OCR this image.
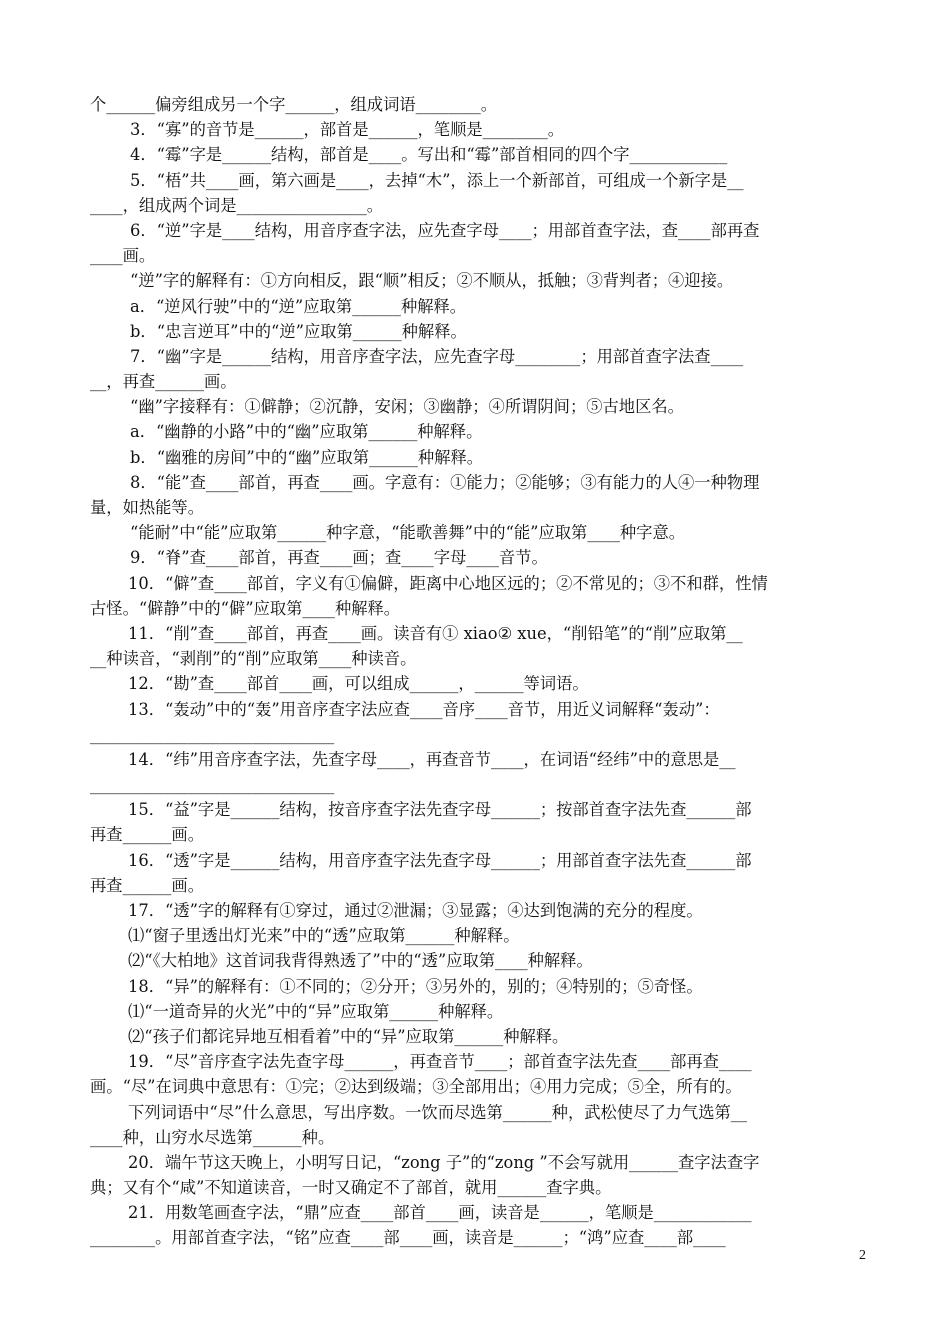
个______偏旁组成另一个字______，组成词语________。
3．“寡”的音节是______，部首是______，笔顺是________。
4．“霉”字是______结构，部首是____。写出和“霉”部首相同的四个字____________
5．“梧”共____画，第六画是____，去掉“木”，添上一个新部首，可组成一个新字是__
____，组成两个词是________________。
6．“逆”字是____结构，用音序查字法，应先查字母____；用部首查字法，查____部再查
____画。
“逆”字的解释有：①方向相反，跟“顺”相反；②不顺从，抵触；③背判者；④迎接。
a．“逆风行驶”中的“逆”应取第______种解释。
b．“忠言逆耳”中的“逆”应取第______种解释。
7．“幽”字是______结构，用音序查字法，应先查字母________；用部首查字法查____
__，再查______画。
“幽”字接释有：①僻静；②沉静，安闲；③幽静；④所谓阴间；⑤古地区名。
a．“幽静的小路”中的“幽”应取第______种解释。
b．“幽雅的房间”中的“幽”应取第______种解释。
8．“能”查____部首，再查____画。字意有：①能力；②能够；③有能力的人④一种物理
量，如热能等。
“能耐”中“能”应取第______种字意，“能歌善舞”中的“能”应取第____种字意。
9．“脊”查____部首，再查____画；查____字母____音节。
10．“僻”查____部首，字义有①偏僻，距离中心地区远的；②不常见的；③不和群，性情
古怪。“僻静”中的“僻”应取第____种解释。
11．“削”查____部首，再查____画。读音有① xiao② xue，“削铅笔”的“削”应取第__
__种读音，“剥削”的“削”应取第____种读音。
12．“勘”查____部首____画，可以组成______，______等词语。
13．“轰动”中的“轰”用音序查字法应查____音序____音节，用近义词解释“轰动”：
______________________________
14．“纬”用音序查字法，先查字母____，再查音节____，在词语“经纬”中的意思是__
______________________________
15．“益”字是______结构，按音序查字法先查字母______；按部首查字法先查______部
再查______画。
16．“透”字是______结构，用音序查字法先查字母______；用部首查字法先查______部
再查______画。
17．“透”字的解释有①穿过，通过②泄漏；③显露；④达到饱满的充分的程度。
⑴“窗子里透出灯光来”中的“透”应取第______种解释。
⑵“《大柏地》这首词我背得熟透了”中的“透”应取第____种解释。
18．“异”的解释有：①不同的；②分开；③另外的，别的；④特别的；⑤奇怪。
⑴“一道奇异的火光”中的“异”应取第______种解释。
⑵“孩子们都诧异地互相看着”中的“异”应取第______种解释。
19．“尽”音序查字法先查字母______，再查音节____；部首查字法先查____部再查____
画。“尽”在词典中意思有：①完；②达到级端；③全部用出；④用力完成；⑤全，所有的。
下列词语中“尽”什么意思，写出序数。一饮而尽选第______种，武松使尽了力气选第__
____种，山穷水尽选第______种。
20．端午节这天晚上，小明写日记，“zong 子”的“zong ”不会写就用______查字法查字
典；又有个“咸”不知道读音，一时又确定不了部首，就用______查字典。
21．用数笔画查字法，“鼎”应查____部首____画，读音是______，笔顺是____________
________。用部首查字法，“铭”应查____部____画，读音是______；“鸿”应查____部____
2
